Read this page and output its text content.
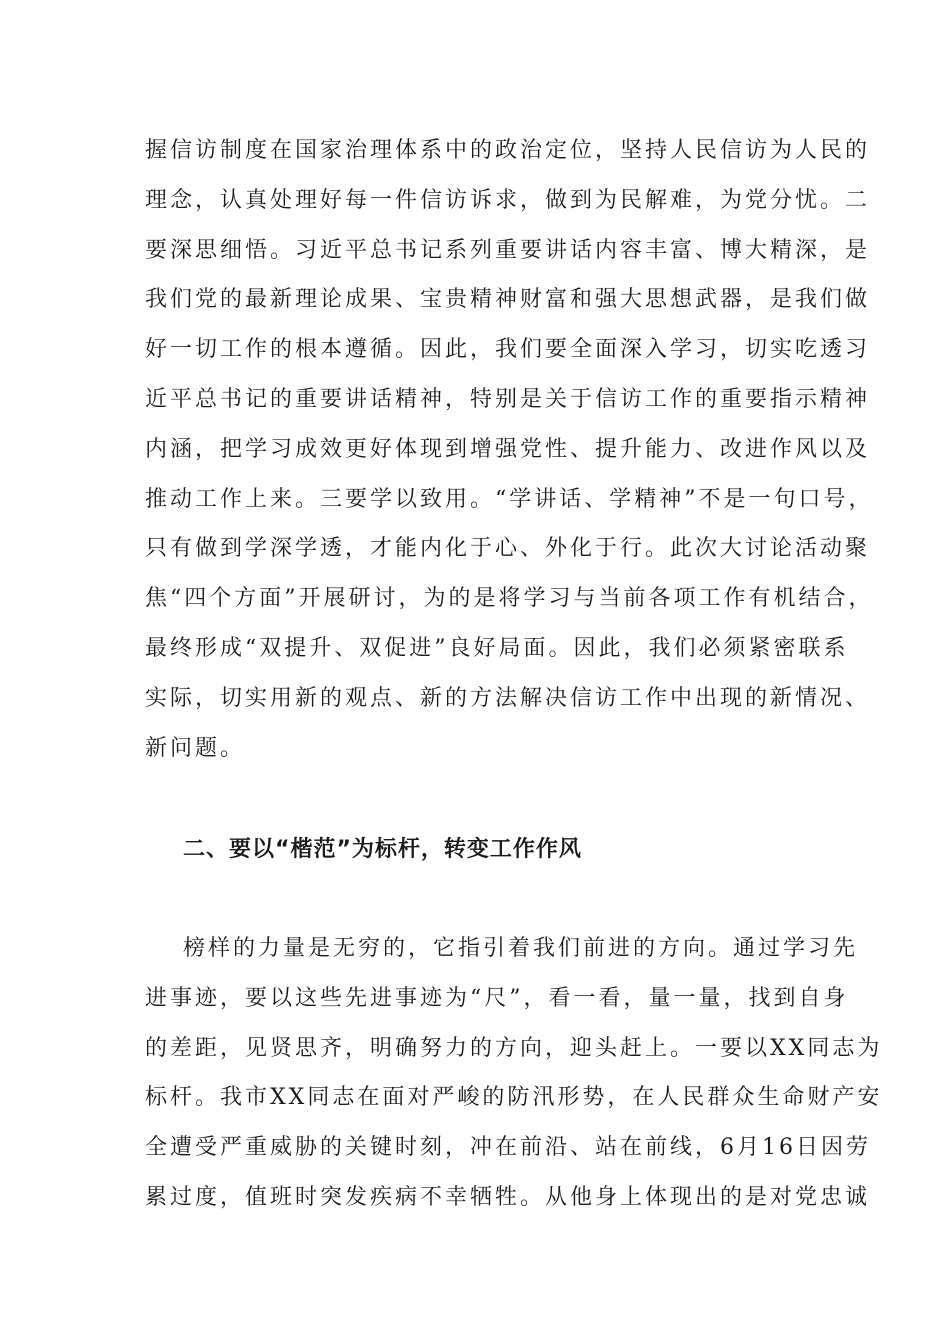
握信访制度在国家治理体系中的政治定位，坚持人民信访为人民的
理念，认真处理好每一件信访诉求，做到为民解难，为党分忧。二
要深思细悟。习近平总书记系列重要讲话内容丰富、博大精深，是
我们党的最新理论成果、宝贵精神财富和强大思想武器，是我们做
好一切工作的根本遵循。因此，我们要全面深入学习，切实吃透习
近平总书记的重要讲话精神，特别是关于信访工作的重要指示精神
内涵，把学习成效更好体现到增强党性、提升能力、改进作风以及
推动工作上来。三要学以致用。“学讲话、学精神”不是一句口号，
只有做到学深学透，才能内化于心、外化于行。此次大讨论活动聚
焦“四个方面”开展研讨，为的是将学习与当前各项工作有机结合，
最终形成“双提升、双促进”良好局面。因此，我们必须紧密联系
实际，切实用新的观点、新的方法解决信访工作中出现的新情况、
新问题。
二、要以“楷范”为标杆，转变工作作风
榜样的力量是无穷的，它指引着我们前进的方向。通过学习先
进事迹，要以这些先进事迹为“尺”，看一看，量一量，找到自身
的差距，见贤思齐，明确努力的方向，迎头赶上。一要以XX同志为
标杆。我市XX同志在面对严峻的防汛形势，在人民群众生命财产安
全遭受严重威胁的关键时刻，冲在前沿、站在前线，6月16日因劳
累过度，值班时突发疾病不幸牺牲。从他身上体现出的是对党忠诚
